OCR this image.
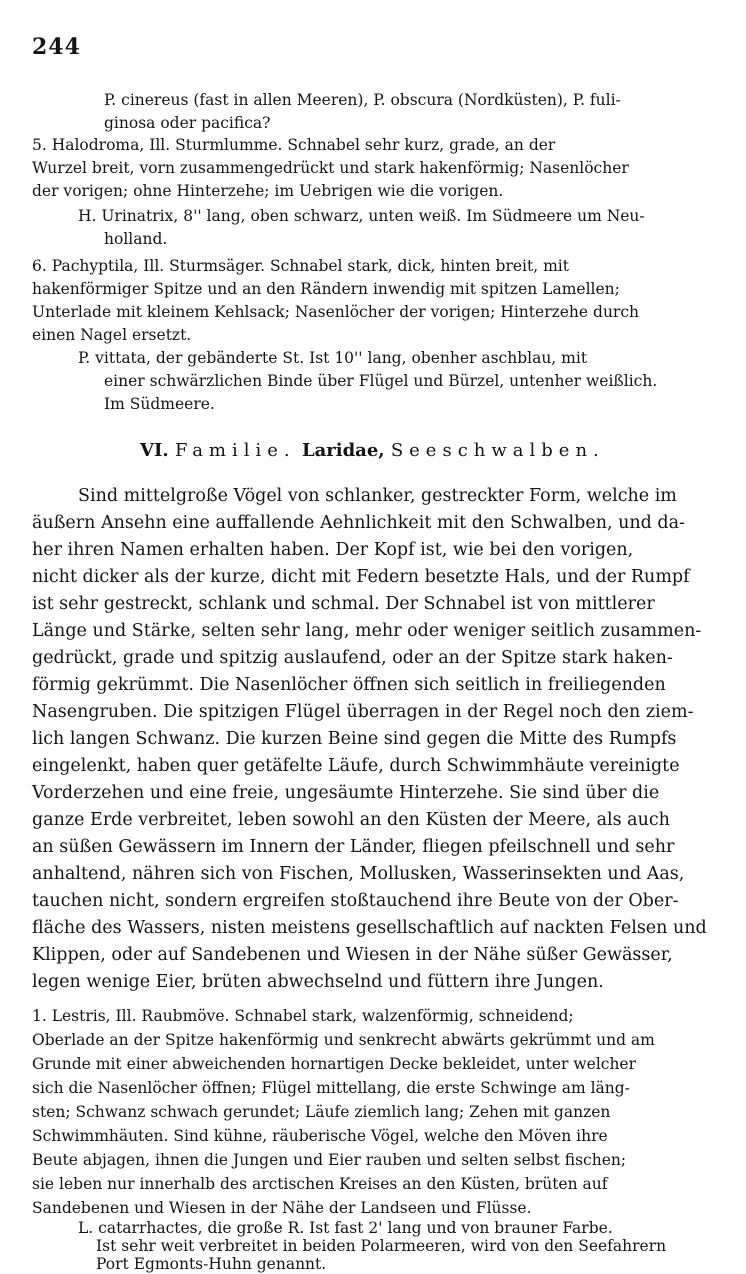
244
P. cinereus (fast in allen Meeren), P. obscura (Nordküsten), P. fuli-
ginosa oder pacifica?
5. Halodroma, Ill. Sturmlumme. Schnabel sehr kurz, grade, an der
Wurzel breit, vorn zusammengedrückt und stark hakenförmig; Nasenlöcher
der vorigen; ohne Hinterzehe; im Uebrigen wie die vorigen.
H. Urinatrix, 8'' lang, oben schwarz, unten weiß. Im Südmeere um Neu-
holland.
6. Pachyptila, Ill. Sturmsäger. Schnabel stark, dick, hinten breit, mit
hakenförmiger Spitze und an den Rändern inwendig mit spitzen Lamellen;
Unterlade mit kleinem Kehlsack; Nasenlöcher der vorigen; Hinterzehe durch
einen Nagel ersetzt.
P. vittata, der gebänderte St. Ist 10'' lang, obenher aschblau, mit
einer schwärzlichen Binde über Flügel und Bürzel, untenher weißlich.
Im Südmeere.
VI. Familie. Laridae, Seeschwalben.
Sind mittelgroße Vögel von schlanker, gestreckter Form, welche im
äußern Ansehn eine auffallende Aehnlichkeit mit den Schwalben, und da-
her ihren Namen erhalten haben. Der Kopf ist, wie bei den vorigen,
nicht dicker als der kurze, dicht mit Federn besetzte Hals, und der Rumpf
ist sehr gestreckt, schlank und schmal. Der Schnabel ist von mittlerer
Länge und Stärke, selten sehr lang, mehr oder weniger seitlich zusammen-
gedrückt, grade und spitzig auslaufend, oder an der Spitze stark haken-
förmig gekrümmt. Die Nasenlöcher öffnen sich seitlich in freiliegenden
Nasengruben. Die spitzigen Flügel überragen in der Regel noch den ziem-
lich langen Schwanz. Die kurzen Beine sind gegen die Mitte des Rumpfs
eingelenkt, haben quer getäfelte Läufe, durch Schwimmhäute vereinigte
Vorderzehen und eine freie, ungesäumte Hinterzehe. Sie sind über die
ganze Erde verbreitet, leben sowohl an den Küsten der Meere, als auch
an süßen Gewässern im Innern der Länder, fliegen pfeilschnell und sehr
anhaltend, nähren sich von Fischen, Mollusken, Wasserinsekten und Aas,
tauchen nicht, sondern ergreifen stoßtauchend ihre Beute von der Ober-
fläche des Wassers, nisten meistens gesellschaftlich auf nackten Felsen und
Klippen, oder auf Sandebenen und Wiesen in der Nähe süßer Gewässer,
legen wenige Eier, brüten abwechselnd und füttern ihre Jungen.
1. Lestris, Ill. Raubmöve. Schnabel stark, walzenförmig, schneidend;
Oberlade an der Spitze hakenförmig und senkrecht abwärts gekrümmt und am
Grunde mit einer abweichenden hornartigen Decke bekleidet, unter welcher
sich die Nasenlöcher öffnen; Flügel mittellang, die erste Schwinge am läng-
sten; Schwanz schwach gerundet; Läufe ziemlich lang; Zehen mit ganzen
Schwimmhäuten. Sind kühne, räuberische Vögel, welche den Möven ihre
Beute abjagen, ihnen die Jungen und Eier rauben und selten selbst fischen;
sie leben nur innerhalb des arctischen Kreises an den Küsten, brüten auf
Sandebenen und Wiesen in der Nähe der Landseen und Flüsse.
L. catarrhactes, die große R. Ist fast 2' lang und von brauner Farbe.
Ist sehr weit verbreitet in beiden Polarmeeren, wird von den Seefahrern
Port Egmonts-Huhn genannt.
